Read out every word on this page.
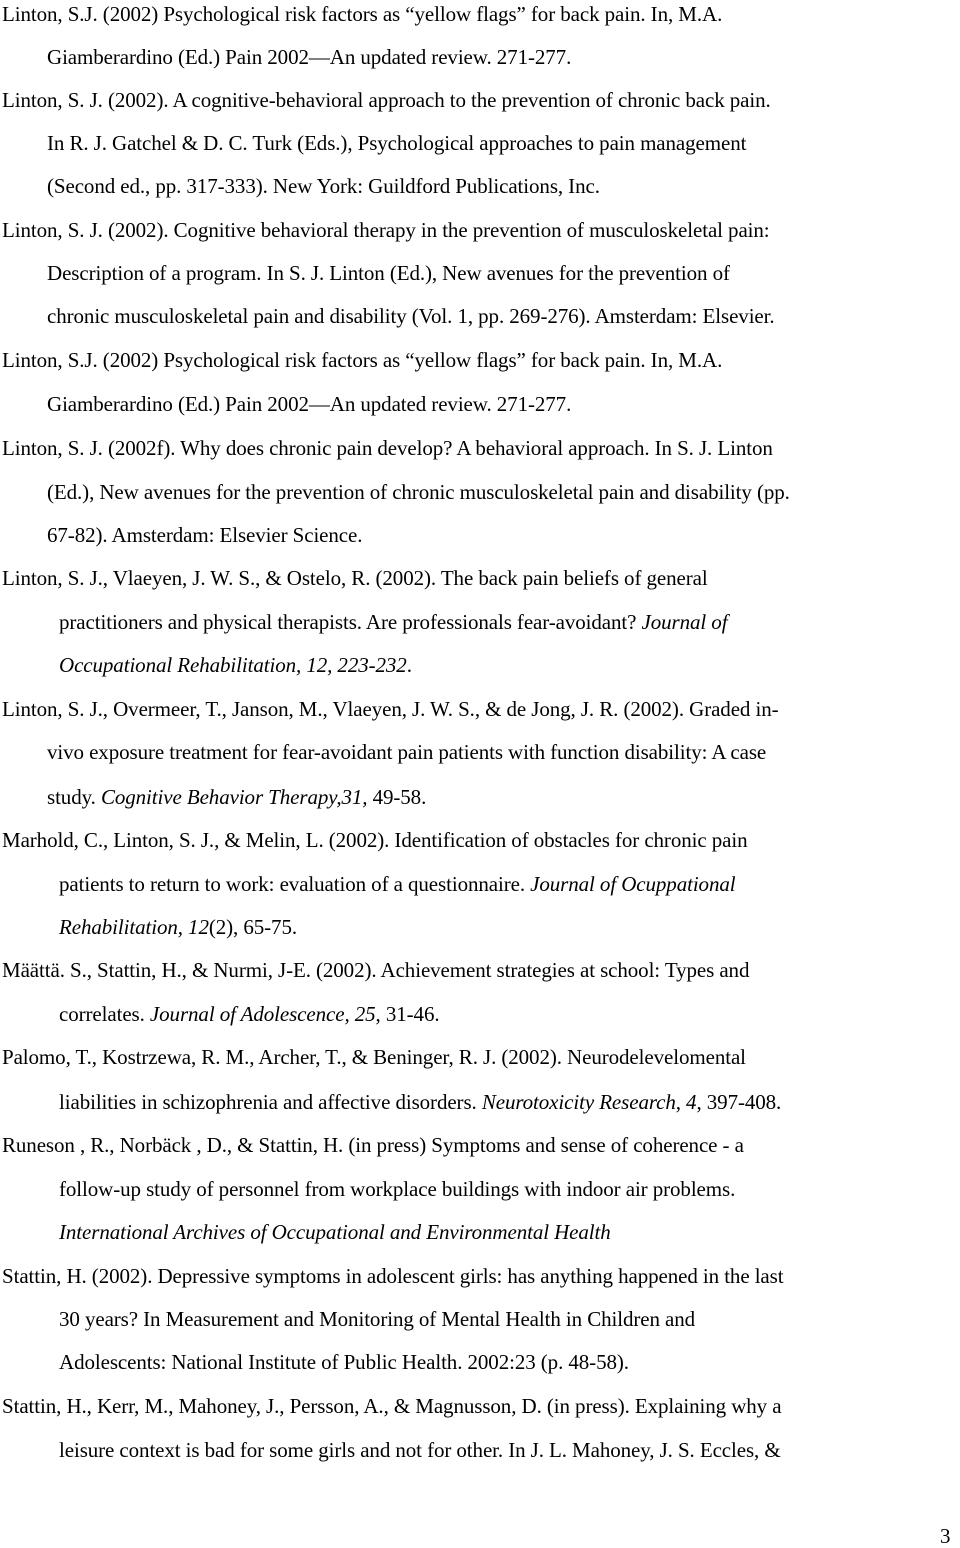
Linton, S.J. (2002) Psychological risk factors as “yellow flags” for back pain. In, M.A.
Giamberardino (Ed.) Pain 2002—An updated review. 271-277.
Linton, S. J. (2002). A cognitive-behavioral approach to the prevention of chronic back pain.
In R. J. Gatchel & D. C. Turk (Eds.), Psychological approaches to pain management
(Second ed., pp. 317-333). New York: Guildford Publications, Inc.
Linton, S. J. (2002). Cognitive behavioral therapy in the prevention of musculoskeletal pain:
Description of a program. In S. J. Linton (Ed.), New avenues for the prevention of
chronic musculoskeletal pain and disability (Vol. 1, pp. 269-276). Amsterdam: Elsevier.
Linton, S.J. (2002) Psychological risk factors as “yellow flags” for back pain. In, M.A.
Giamberardino (Ed.) Pain 2002—An updated review. 271-277.
Linton, S. J. (2002f). Why does chronic pain develop? A behavioral approach. In S. J. Linton
(Ed.), New avenues for the prevention of chronic musculoskeletal pain and disability (pp.
67-82). Amsterdam: Elsevier Science.
Linton, S. J., Vlaeyen, J. W. S., & Ostelo, R. (2002). The back pain beliefs of general
practitioners and physical therapists. Are professionals fear-avoidant? Journal of
Occupational Rehabilitation, 12, 223-232.
Linton, S. J., Overmeer, T., Janson, M., Vlaeyen, J. W. S., & de Jong, J. R. (2002). Graded in-
vivo exposure treatment for fear-avoidant pain patients with function disability: A case
study. Cognitive Behavior Therapy,31, 49-58.
Marhold, C., Linton, S. J., & Melin, L. (2002). Identification of obstacles for chronic pain
patients to return to work: evaluation of a questionnaire. Journal of Ocuppational
Rehabilitation, 12(2), 65-75.
Määttä. S., Stattin, H., & Nurmi, J-E. (2002). Achievement strategies at school: Types and
correlates. Journal of Adolescence, 25, 31-46.
Palomo, T., Kostrzewa, R. M., Archer, T., & Beninger, R. J. (2002). Neurodelevelomental
liabilities in schizophrenia and affective disorders. Neurotoxicity Research, 4, 397-408.
Runeson , R., Norbäck , D., & Stattin, H. (in press) Symptoms and sense of coherence - a
follow-up study of personnel from workplace buildings with indoor air problems.
International Archives of Occupational and Environmental Health
Stattin, H. (2002). Depressive symptoms in adolescent girls: has anything happened in the last
30 years? In Measurement and Monitoring of Mental Health in Children and
Adolescents: National Institute of Public Health. 2002:23 (p. 48-58).
Stattin, H., Kerr, M., Mahoney, J., Persson, A., & Magnusson, D. (in press). Explaining why a
leisure context is bad for some girls and not for other. In J. L. Mahoney, J. S. Eccles, &
3
